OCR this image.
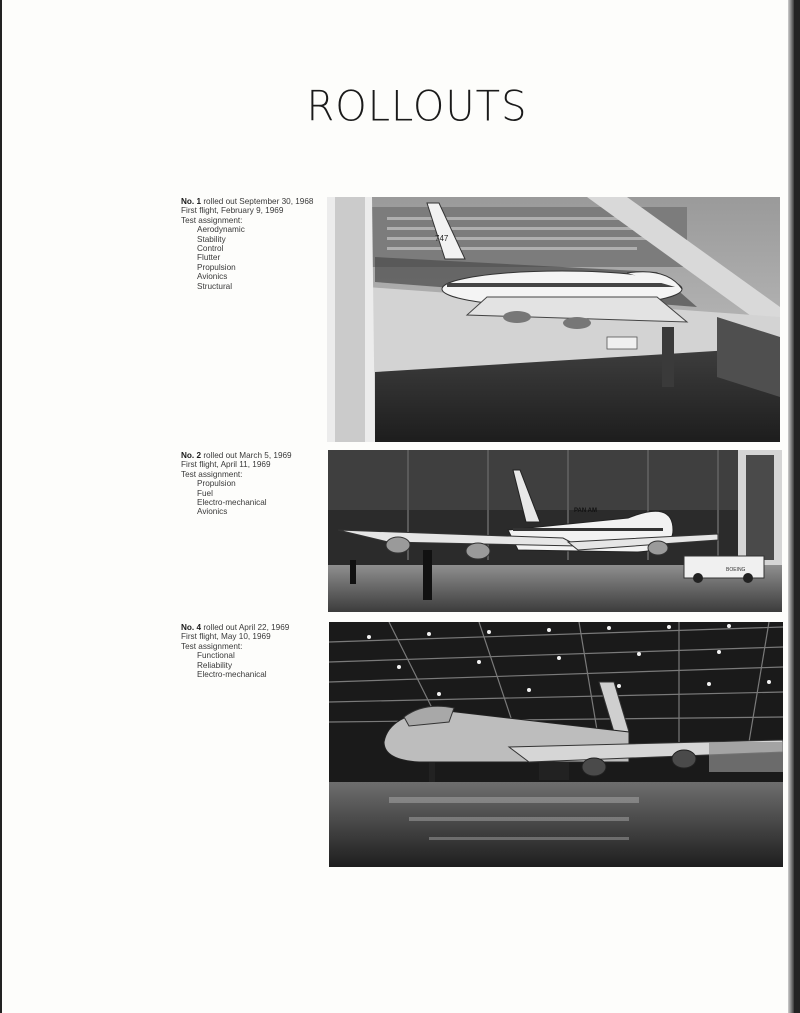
ROLLOUTS
No. 1 rolled out September 30, 1968
First flight, February 9, 1969
Test assignment:
Aerodynamic
Stability
Control
Flutter
Propulsion
Avionics
Structural
No. 2 rolled out March 5, 1969
First flight, April 11, 1969
Test assignment:
Propulsion
Fuel
Electro-mechanical
Avionics
No. 4 rolled out April 22, 1969
First flight, May 10, 1969
Test assignment:
Functional
Reliability
Electro-mechanical
747
PAN AM
BOEING
